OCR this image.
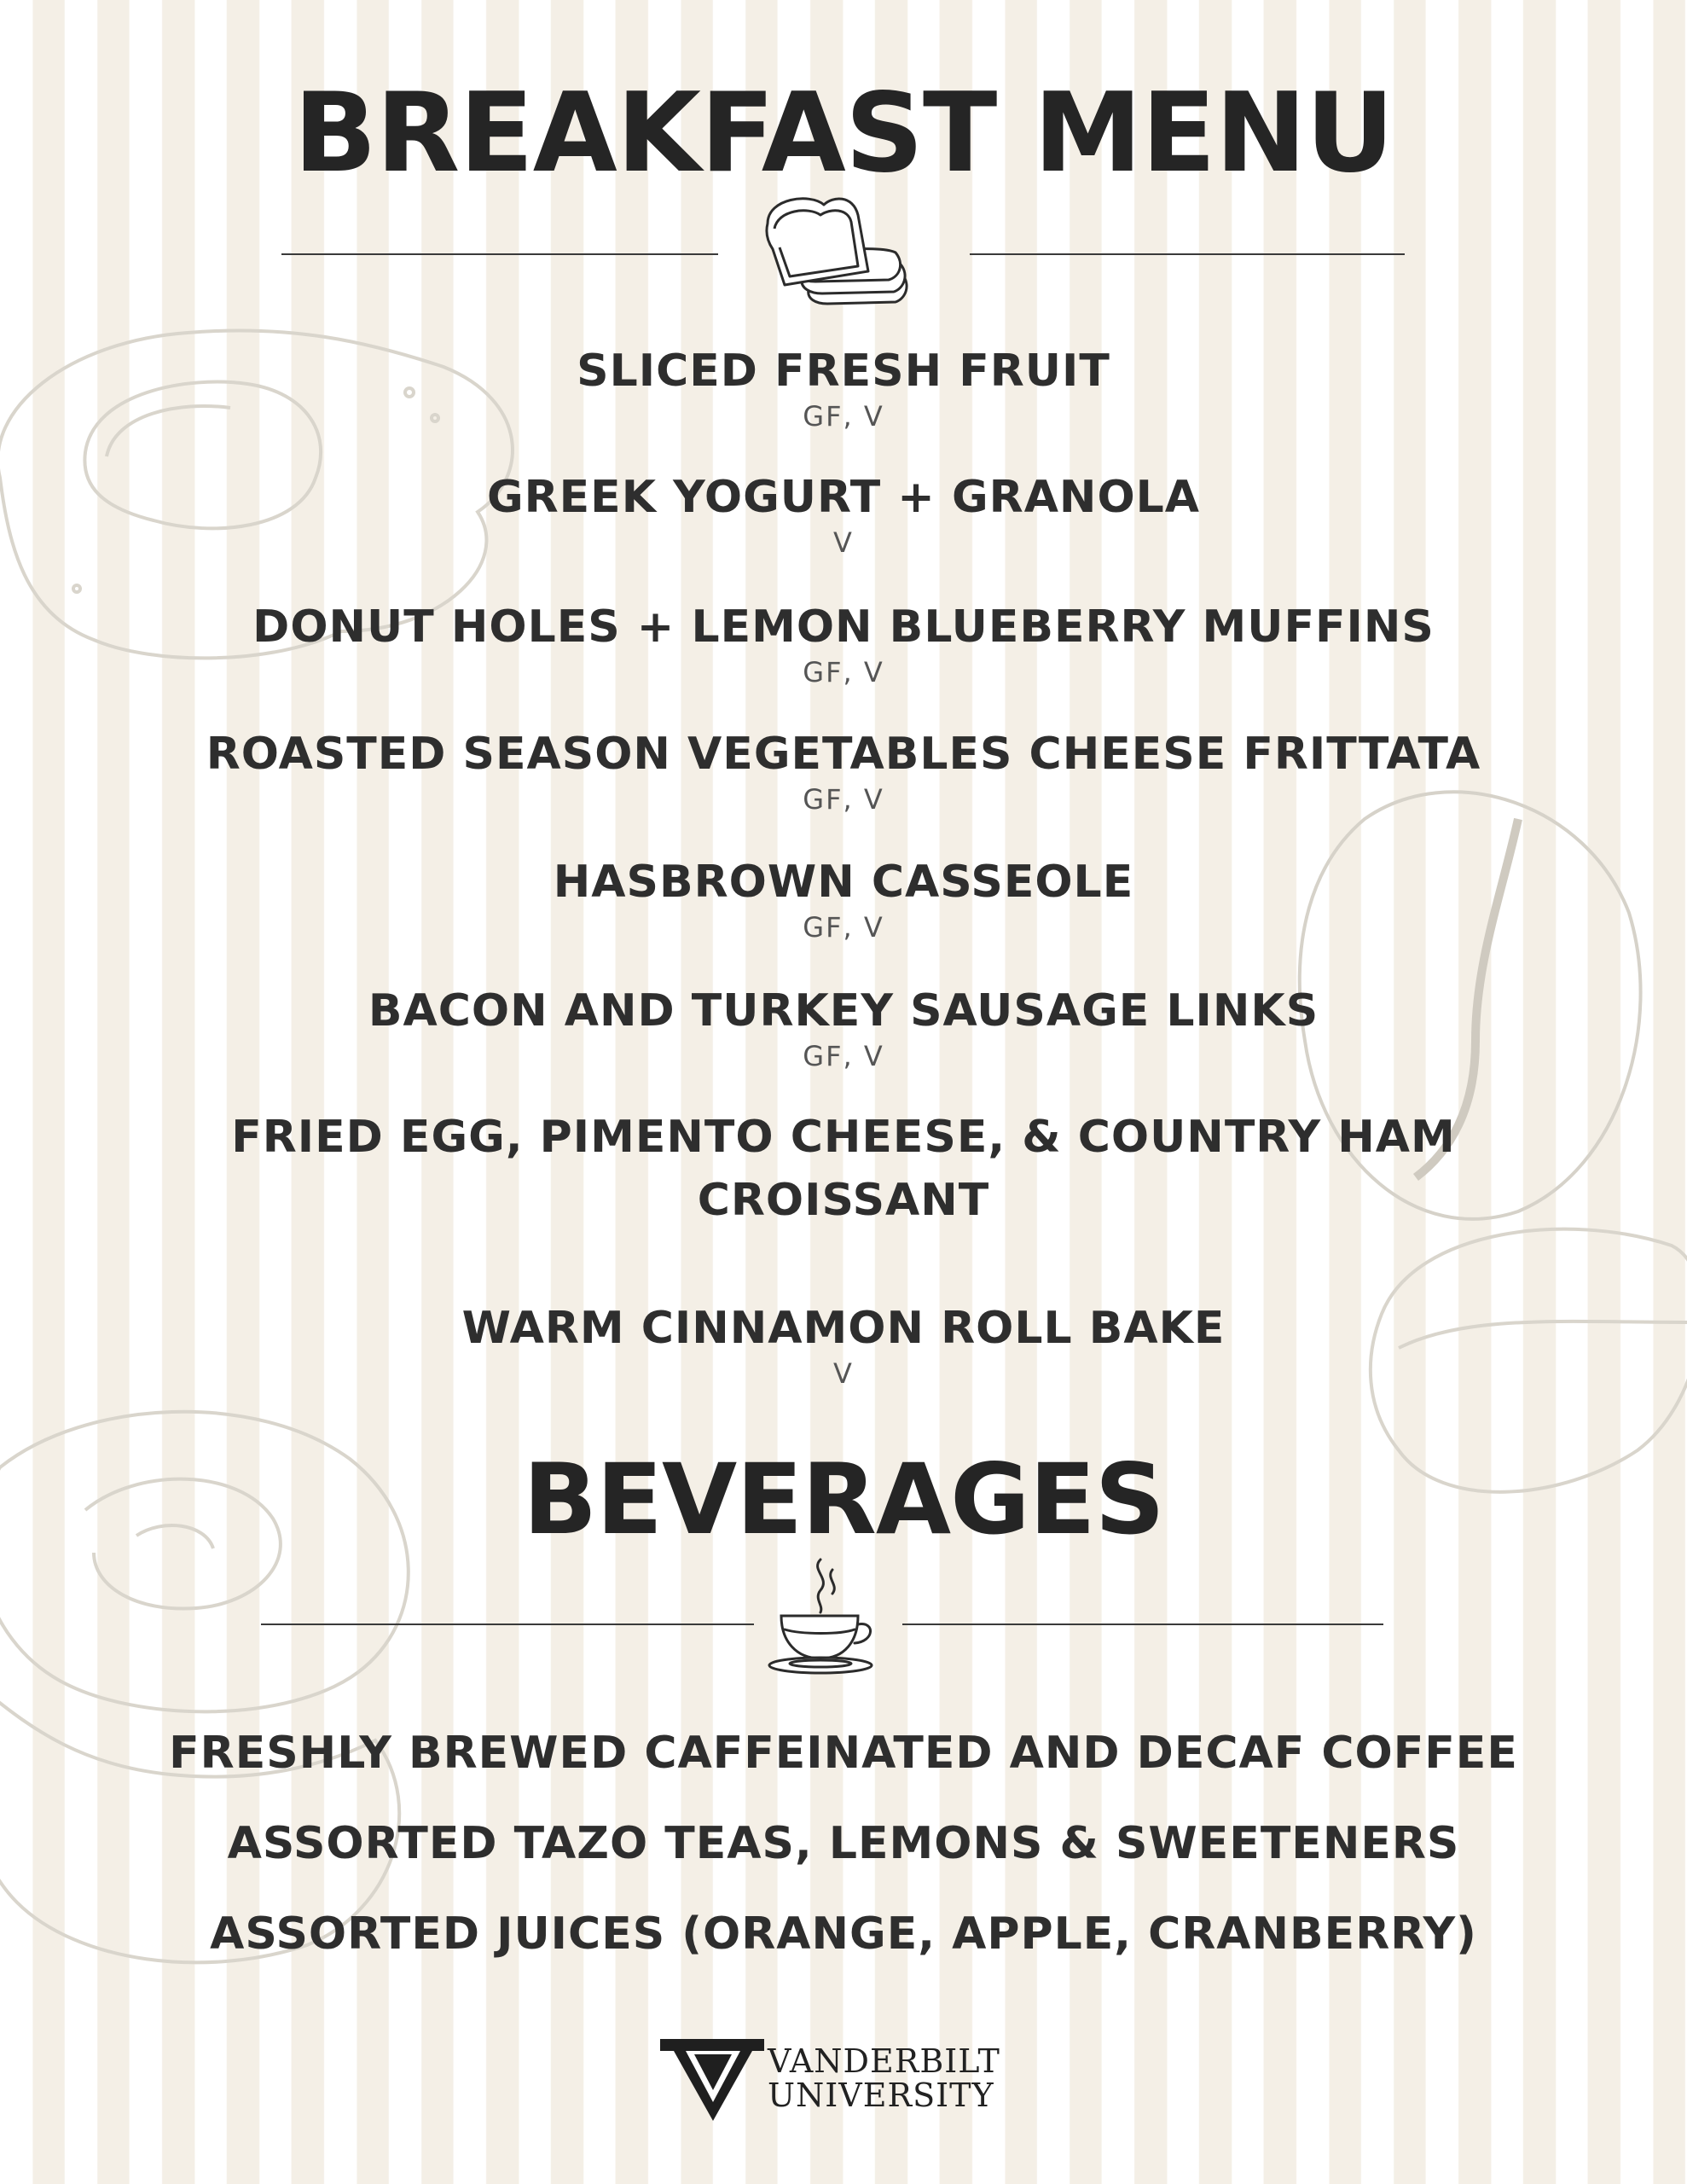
BREAKFAST MENU
SLICED FRESH FRUIT
GF, V
GREEK YOGURT + GRANOLA
V
DONUT HOLES + LEMON BLUEBERRY MUFFINS
GF, V
ROASTED SEASON VEGETABLES CHEESE FRITTATA
GF, V
HASBROWN CASSEOLE
GF, V
BACON AND TURKEY SAUSAGE LINKS
GF, V
FRIED EGG, PIMENTO CHEESE, & COUNTRY HAM CROISSANT
WARM CINNAMON ROLL BAKE
V
BEVERAGES
FRESHLY BREWED CAFFEINATED AND DECAF COFFEE
ASSORTED TAZO TEAS, LEMONS & SWEETENERS
ASSORTED JUICES (ORANGE, APPLE, CRANBERRY)
VANDERBILT
UNIVERSITY
